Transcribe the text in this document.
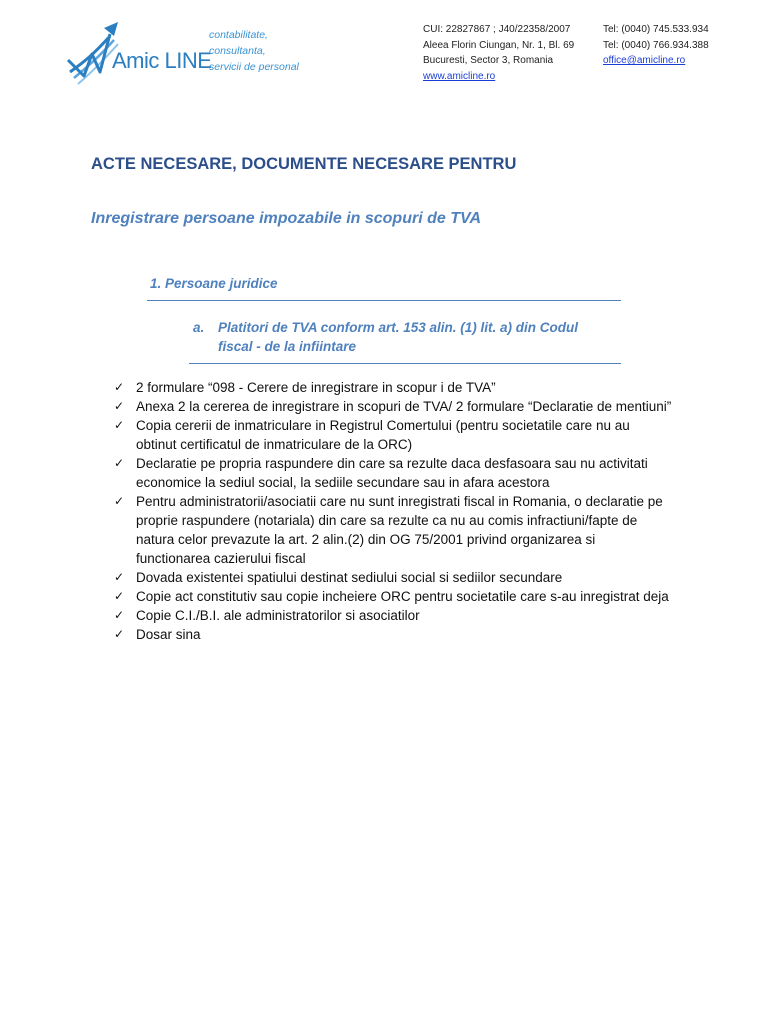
Amic LINE
contabilitate,
consultanta,
servicii de personal
CUI: 22827867 ; J40/22358/2007
Aleea Florin Ciungan, Nr. 1, Bl. 69
Bucuresti, Sector 3, Romania
www.amicline.ro
Tel: (0040) 745.533.934
Tel: (0040) 766.934.388
office@amicline.ro
ACTE NECESARE, DOCUMENTE NECESARE PENTRU
Inregistrare persoane impozabile in scopuri de TVA
1. Persoane juridice
a. Platitori de TVA conform art. 153 alin. (1) lit. a) din Codul fiscal - de la infiintare
✓ 2 formulare “098 - Cerere de inregistrare in scopur i de TVA”
✓ Anexa 2 la cererea de inregistrare in scopuri de TVA/ 2 formulare “Declaratie de mentiuni”
✓ Copia cererii de inmatriculare in Registrul Comertului (pentru societatile care nu au obtinut certificatul de inmatriculare de la ORC)
✓ Declaratie pe propria raspundere din care sa rezulte daca desfasoara sau nu activitati economice la sediul social, la sediile secundare sau in afara acestora
✓ Pentru administratorii/asociatii care nu sunt inregistrati fiscal in Romania, o declaratie pe proprie raspundere (notariala) din care sa rezulte ca nu au comis infractiuni/fapte de natura celor prevazute la art. 2 alin.(2) din OG 75/2001 privind organizarea si functionarea cazierului fiscal
✓ Dovada existentei spatiului destinat sediului social si sediilor secundare
✓ Copie act constitutiv sau copie incheiere ORC pentru societatile care s-au inregistrat deja
✓ Copie C.I./B.I. ale administratorilor si asociatilor
✓ Dosar sina
